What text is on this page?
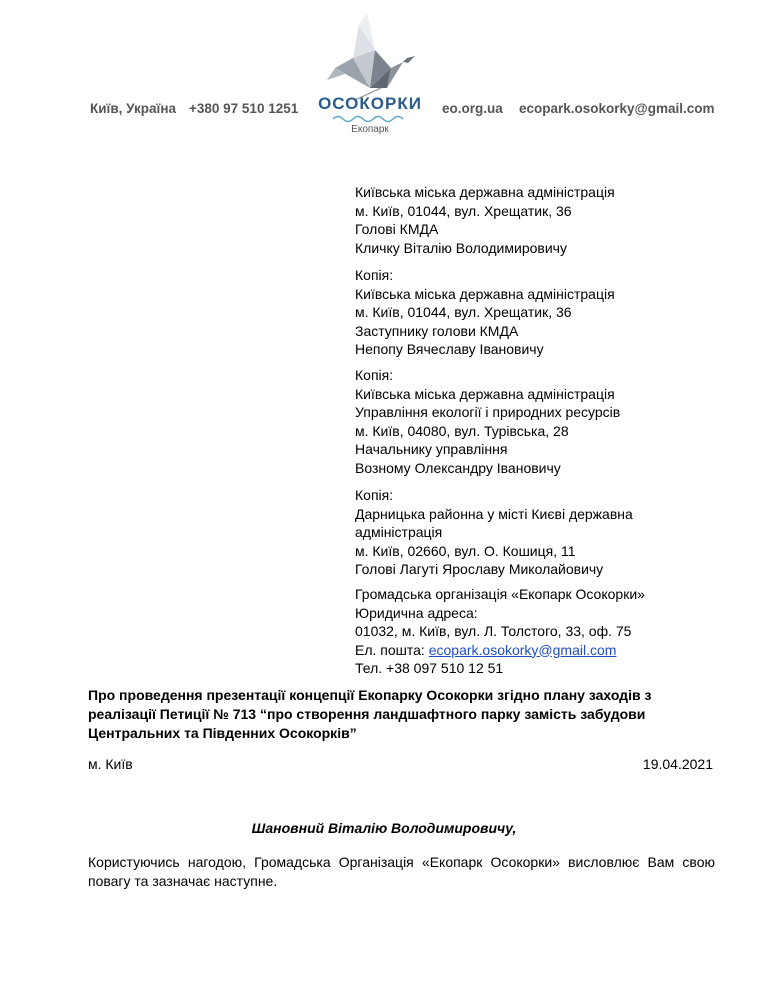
Київ, Україна +380 97 510 1251 ОСОКОРКИ
Екопарк
eo.org.ua ecopark.osokorky@gmail.com
Київська міська державна адміністрація
м. Київ, 01044, вул. Хрещатик, 36
Голові КМДА
Кличку Віталію Володимировичу
Копія:
Київська міська державна адміністрація
м. Київ, 01044, вул. Хрещатик, 36
Заступнику голови КМДА
Непопу Вячеславу Івановичу
Копія:
Київська міська державна адміністрація
Управління екології і природних ресурсів
м. Київ, 04080, вул. Турівська, 28
Начальнику управління
Возному Олександру Івановичу
Копія:
Дарницька районна у місті Києві державна
адміністрація
м. Київ, 02660, вул. О. Кошиця, 11
Голові Лагуті Ярославу Миколайовичу
Громадська організація «Екопарк Осокорки»
Юридична адреса:
01032, м. Київ, вул. Л. Толстого, 33, оф. 75
Ел. пошта: ecopark.osokorky@gmail.com
Тел. +38 097 510 12 51
Про проведення презентації концепції Екопарку Осокорки згідно плану заходів з реалізації Петиції № 713 “про створення ландшафтного парку замість забудови Центральних та Південних Осокорків”
м. Київ	19.04.2021
Шановний Віталію Володимировичу,
Користуючись нагодою, Громадська Організація «Екопарк Осокорки» висловлює Вам свою повагу та зазначає наступне.
